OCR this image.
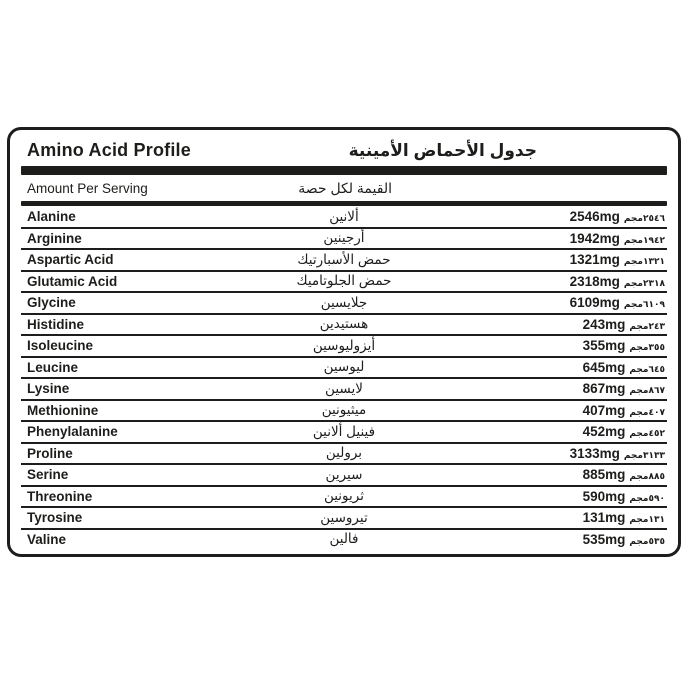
Amino Acid Profile	جدول الأحماض الأمينية
Amount Per Serving	القيمة لكل حصة
Alanine	ألانين	2546mg ٢٥٤٦مجم
Arginine	أرجينين	1942mg ١٩٤٢مجم
Aspartic Acid	حمض الأسبارتيك	1321mg ١٣٢١مجم
Glutamic Acid	حمض الجلوتاميك	2318mg ٢٣١٨مجم
Glycine	جلايسين	6109mg ٦١٠٩مجم
Histidine	هستيدين	243mg ٢٤٣مجم
Isoleucine	أيزوليوسين	355mg ٣٥٥مجم
Leucine	ليوسين	645mg ٦٤٥مجم
Lysine	لايسين	867mg ٨٦٧مجم
Methionine	ميثيونين	407mg ٤٠٧مجم
Phenylalanine	فينيل ألانين	452mg ٤٥٢مجم
Proline	برولين	3133mg ٣١٣٣مجم
Serine	سيرين	885mg ٨٨٥مجم
Threonine	ثريونين	590mg ٥٩٠مجم
Tyrosine	تيروسين	131mg ١٣١مجم
Valine	فالين	535mg ٥٣٥مجم
